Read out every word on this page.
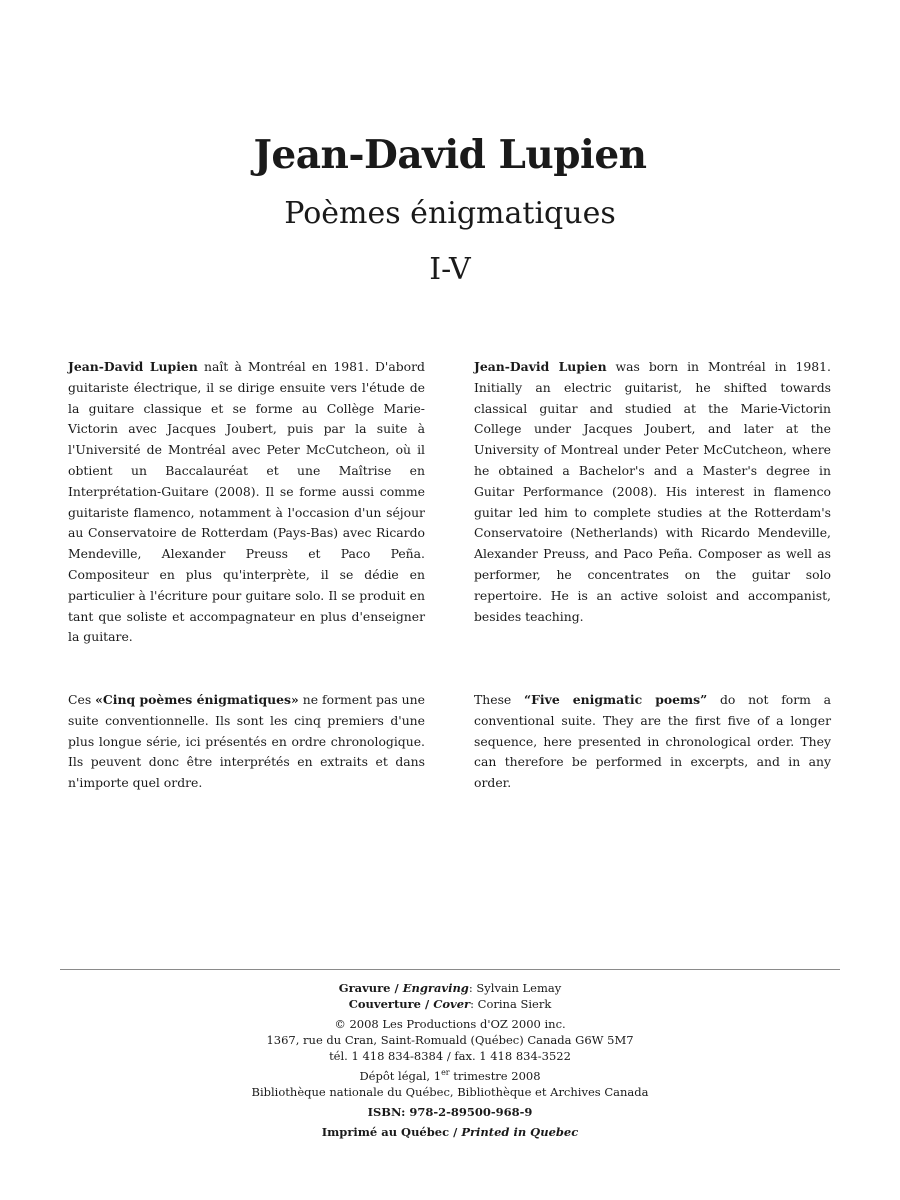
Jean-David Lupien
Poèmes énigmatiques
I-V

Jean-David Lupien naît à Montréal en 1981. D'abord guitariste électrique, il se dirige ensuite vers l'étude de la guitare classique et se forme au Collège Marie-Victorin avec Jacques Joubert, puis par la suite à l'Université de Montréal avec Peter McCutcheon, où il obtient un Baccalauréat et une Maîtrise en Interprétation-Guitare (2008). Il se forme aussi comme guitariste flamenco, notamment à l'occasion d'un séjour au Conservatoire de Rotterdam (Pays-Bas) avec Ricardo Mendeville, Alexander Preuss et Paco Peña. Compositeur en plus qu'interprète, il se dédie en particulier à l'écriture pour guitare solo. Il se produit en tant que soliste et accompagnateur en plus d'enseigner la guitare.

Jean-David Lupien was born in Montréal in 1981. Initially an electric guitarist, he shifted towards classical guitar and studied at the Marie-Victorin College under Jacques Joubert, and later at the University of Montreal under Peter McCutcheon, where he obtained a Bachelor's and a Master's degree in Guitar Performance (2008). His interest in flamenco guitar led him to complete studies at the Rotterdam's Conservatoire (Netherlands) with Ricardo Mendeville, Alexander Preuss, and Paco Peña. Composer as well as performer, he concentrates on the guitar solo repertoire. He is an active soloist and accompanist, besides teaching.

Ces «Cinq poèmes énigmatiques» ne forment pas une suite conventionnelle. Ils sont les cinq premiers d'une plus longue série, ici présentés en ordre chronologique. Ils peuvent donc être interprétés en extraits et dans n'importe quel ordre.

These “Five enigmatic poems” do not form a conventional suite. They are the first five of a longer sequence, here presented in chronological order. They can therefore be performed in excerpts, and in any order.

Gravure / Engraving: Sylvain Lemay
Couverture / Cover: Corina Sierk
© 2008 Les Productions d'OZ 2000 inc.
1367, rue du Cran, Saint-Romuald (Québec) Canada G6W 5M7
tél. 1 418 834-8384 / fax. 1 418 834-3522
Dépôt légal, 1er trimestre 2008
Bibliothèque nationale du Québec, Bibliothèque et Archives Canada
ISBN: 978-2-89500-968-9
Imprimé au Québec / Printed in Quebec
